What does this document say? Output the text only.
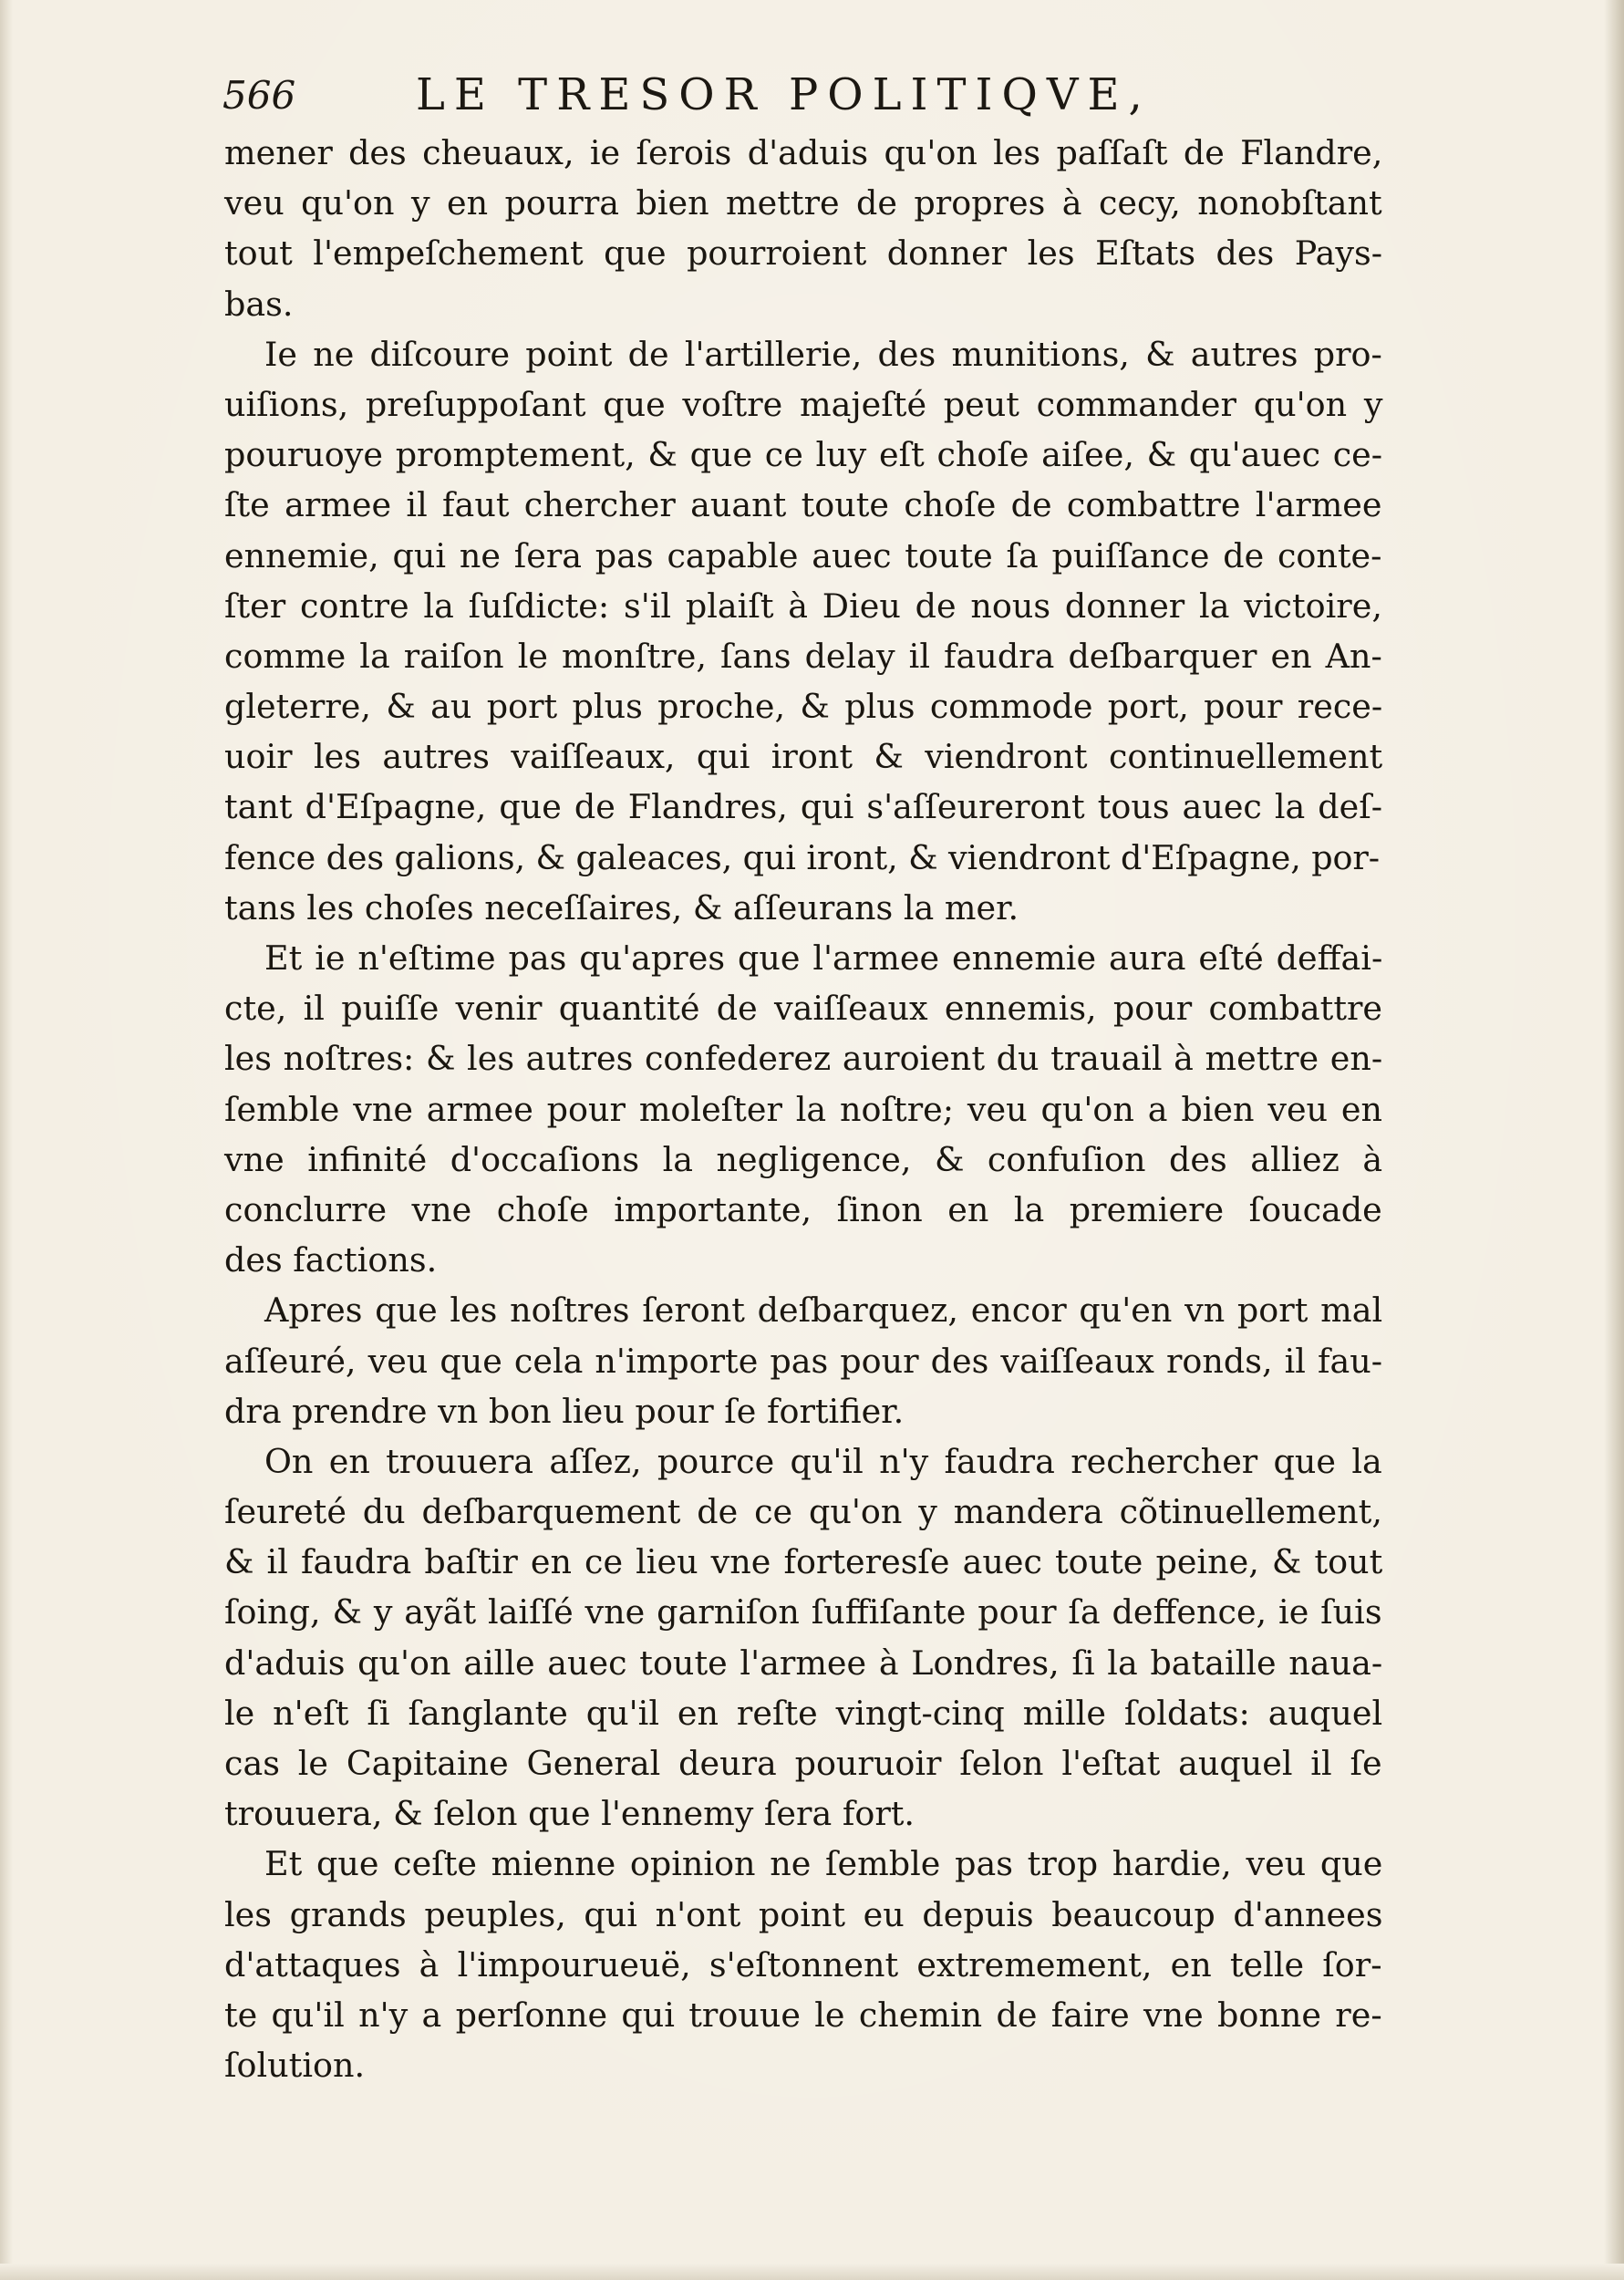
566	LE TRESOR POLITIQVE,
mener des cheuaux, ie ſerois d'aduis qu'on les paſſaſt de Flandre,
veu qu'on y en pourra bien mettre de propres à cecy, nonobſtant
tout l'empeſchement que pourroient donner les Eſtats des Pays-
bas.
Ie ne diſcoure point de l'artillerie, des munitions, & autres pro-
uiſions, preſuppoſant que voſtre majeſté peut commander qu'on y
pouruoye promptement, & que ce luy eſt choſe aiſee, & qu'auec ce-
ſte armee il faut chercher auant toute choſe de combattre l'armee
ennemie, qui ne ſera pas capable auec toute ſa puiſſance de conte-
ſter contre la ſuſdicte: s'il plaiſt à Dieu de nous donner la victoire,
comme la raiſon le monſtre, ſans delay il faudra deſbarquer en An-
gleterre, & au port plus proche, & plus commode port, pour rece-
uoir les autres vaiſſeaux, qui iront & viendront continuellement
tant d'Eſpagne, que de Flandres, qui s'aſſeureront tous auec la deſ-
fence des galions, & galeaces, qui iront, & viendront d'Eſpagne, por-
tans les choſes neceſſaires, & aſſeurans la mer.
Et ie n'eſtime pas qu'apres que l'armee ennemie aura eſté deffai-
cte, il puiſſe venir quantité de vaiſſeaux ennemis, pour combattre
les noſtres: & les autres confederez auroient du trauail à mettre en-
ſemble vne armee pour moleſter la noſtre; veu qu'on a bien veu en
vne infinité d'occaſions la negligence, & confuſion des alliez à
conclurre vne choſe importante, ſinon en la premiere ſoucade
des factions.
Apres que les noſtres ſeront deſbarquez, encor qu'en vn port mal
aſſeuré, veu que cela n'importe pas pour des vaiſſeaux ronds, il fau-
dra prendre vn bon lieu pour ſe fortifier.
On en trouuera aſſez, pource qu'il n'y faudra rechercher que la
ſeureté du deſbarquement de ce qu'on y mandera cõtinuellement,
& il faudra baſtir en ce lieu vne forteresſe auec toute peine, & tout
ſoing, & y ayãt laiſſé vne garniſon ſuffiſante pour ſa deffence, ie ſuis
d'aduis qu'on aille auec toute l'armee à Londres, ſi la bataille naua-
le n'eſt ſi ſanglante qu'il en reſte vingt-cinq mille ſoldats: auquel
cas le Capitaine General deura pouruoir ſelon l'eſtat auquel il ſe
trouuera, & ſelon que l'ennemy ſera fort.
Et que ceſte mienne opinion ne ſemble pas trop hardie, veu que
les grands peuples, qui n'ont point eu depuis beaucoup d'annees
d'attaques à l'impourueuë, s'eſtonnent extremement, en telle ſor-
te qu'il n'y a perſonne qui trouue le chemin de faire vne bonne re-
ſolution.
